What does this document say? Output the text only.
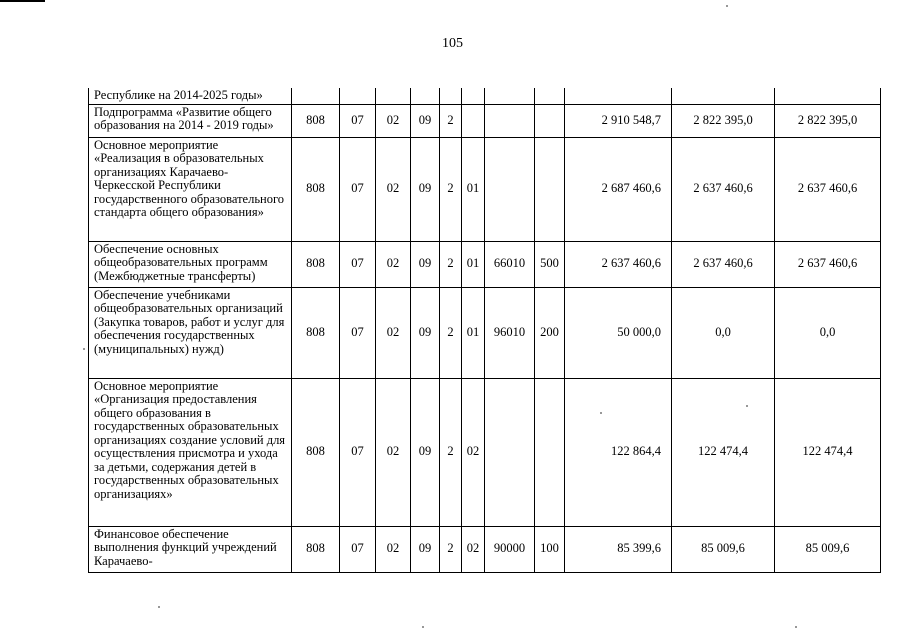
105
Республике на 2014-2025 годы»											
Подпрограмма «Развитие общего образования на 2014 - 2019 годы»	808	07	02	09	2				2 910 548,7	2 822 395,0	2 822 395,0
Основное мероприятие «Реализация в образовательных организациях Карачаево-Черкесской Республики государственного образовательного стандарта общего образования»	808	07	02	09	2	01			2 687 460,6	2 637 460,6	2 637 460,6
Обеспечение основных общеобразовательных программ (Межбюджетные трансферты)	808	07	02	09	2	01	66010	500	2 637 460,6	2 637 460,6	2 637 460,6
Обеспечение учебниками общеобразовательных организаций (Закупка товаров, работ и услуг для обеспечения государственных (муниципальных) нужд)	808	07	02	09	2	01	96010	200	50 000,0	0,0	0,0
Основное мероприятие «Организация предоставления общего образования в государственных образовательных организациях создание условий для осуществления присмотра и ухода за детьми, содержания детей в государственных образовательных организациях»	808	07	02	09	2	02			122 864,4	122 474,4	122 474,4
Финансовое обеспечение выполнения функций учреждений Карачаево-	808	07	02	09	2	02	90000	100	85 399,6	85 009,6	85 009,6
